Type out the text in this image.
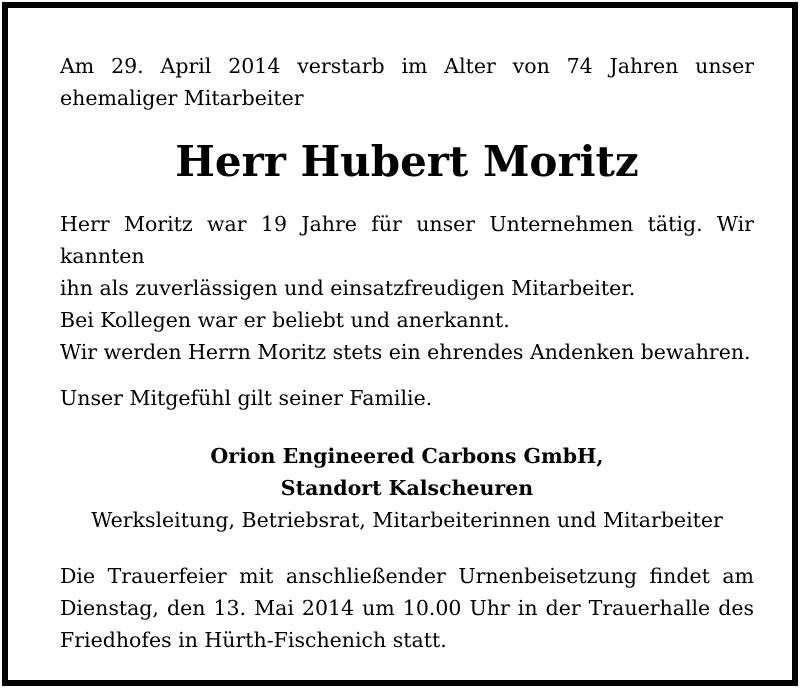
Am 29. April 2014 verstarb im Alter von 74 Jahren unser
ehemaliger Mitarbeiter
Herr Hubert Moritz
Herr Moritz war 19 Jahre für unser Unternehmen tätig. Wir kannten
ihn als zuverlässigen und einsatzfreudigen Mitarbeiter.
Bei Kollegen war er beliebt und anerkannt.
Wir werden Herrn Moritz stets ein ehrendes Andenken bewahren.
Unser Mitgefühl gilt seiner Familie.
Orion Engineered Carbons GmbH,
Standort Kalscheuren
Werksleitung, Betriebsrat, Mitarbeiterinnen und Mitarbeiter
Die Trauerfeier mit anschließender Urnenbeisetzung findet am
Dienstag, den 13. Mai 2014 um 10.00 Uhr in der Trauerhalle des
Friedhofes in Hürth-Fischenich statt.
